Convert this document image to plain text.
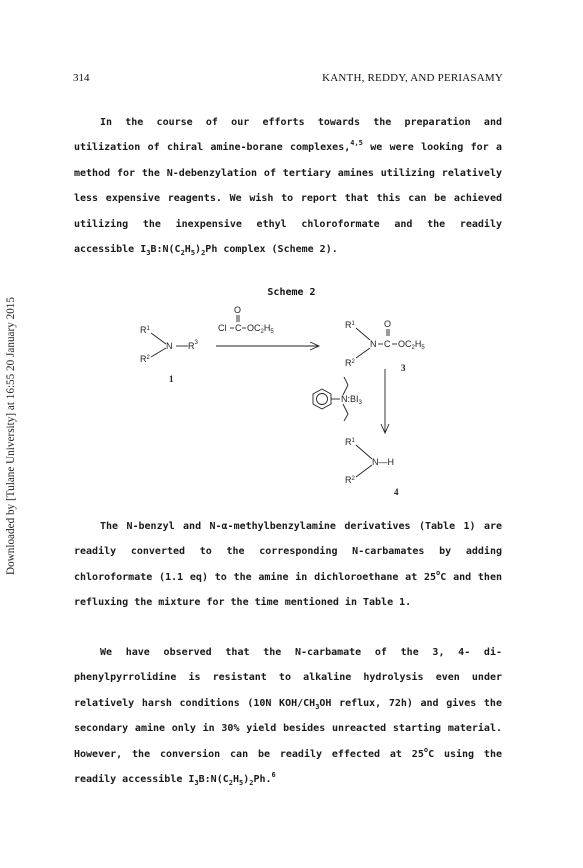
314	KANTH, REDDY, AND PERIASAMY
Downloaded by [Tulane University] at 16:55 20 January 2015

In the course of our efforts towards the preparation and utilization of chiral amine-borane complexes,$^{4,5}$ we were looking for a method for the N-debenzylation of tertiary amines utilizing relatively less expensive reagents. We wish to report that this can be achieved utilizing the inexpensive ethyl chloroformate and the readily accessible $I_3B:N(C_2H_5)_2Ph$ complex (Scheme 2).

Scheme 2
$R^1$
$R^2$
N $R^3$
1
O
Cl C $OC_2H_5$
$R^1$
$R^2$
O
N C $OC_2H_5$
3
$N:BI_3$
$R^1$
$R^2$
N—H
4

The N-benzyl and N-α-methylbenzylamine derivatives (Table 1) are readily converted to the corresponding N-carbamates by adding chloroformate (1.1 eq) to the amine in dichloroethane at 25$^o$C and then refluxing the mixture for the time mentioned in Table 1.

We have observed that the N-carbamate of the 3, 4- di-phenylpyrrolidine is resistant to alkaline hydrolysis even under relatively harsh conditions (10N KOH/$CH_3OH$ reflux, 72h) and gives the secondary amine only in 30% yield besides unreacted starting material. However, the conversion can be readily effected at 25$^o$C using the readily accessible $I_3B:N(C_2H_5)_2Ph.^6$
